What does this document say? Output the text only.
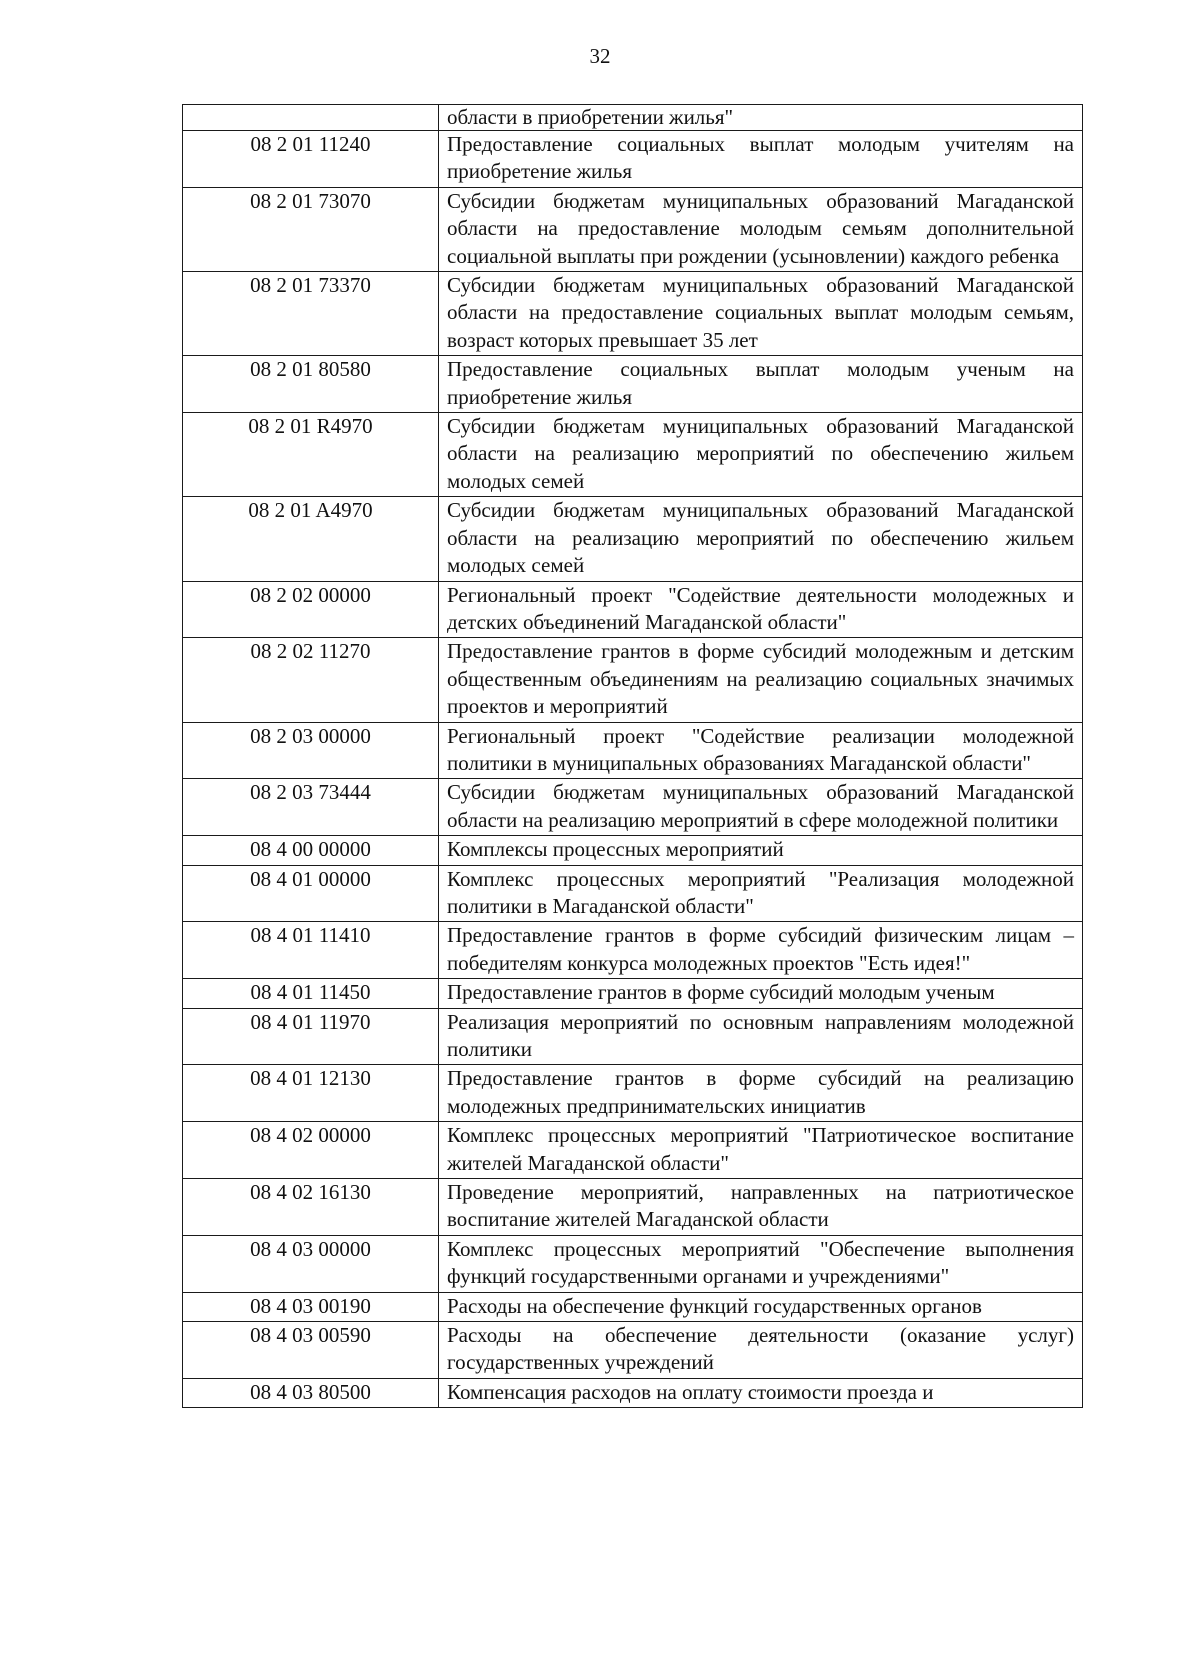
32
	области в приобретении жилья"
08 2 01 11240	Предоставление социальных выплат молодым учителям на приобретение жилья
08 2 01 73070	Субсидии бюджетам муниципальных образований Магаданской области на предоставление молодым семьям дополнительной социальной выплаты при рождении (усыновлении) каждого ребенка
08 2 01 73370	Субсидии бюджетам муниципальных образований Магаданской области на предоставление социальных выплат молодым семьям, возраст которых превышает 35 лет
08 2 01 80580	Предоставление социальных выплат молодым ученым на приобретение жилья
08 2 01 R4970	Субсидии бюджетам муниципальных образований Магаданской области на реализацию мероприятий по обеспечению жильем молодых семей
08 2 01 A4970	Субсидии бюджетам муниципальных образований Магаданской области на реализацию мероприятий по обеспечению жильем молодых семей
08 2 02 00000	Региональный проект "Содействие деятельности молодежных и детских объединений Магаданской области"
08 2 02 11270	Предоставление грантов в форме субсидий молодежным и детским общественным объединениям на реализацию социальных значимых проектов и мероприятий
08 2 03 00000	Региональный проект "Содействие реализации молодежной политики в муниципальных образованиях Магаданской области"
08 2 03 73444	Субсидии бюджетам муниципальных образований Магаданской области на реализацию мероприятий в сфере молодежной политики
08 4 00 00000	Комплексы процессных мероприятий
08 4 01 00000	Комплекс процессных мероприятий "Реализация молодежной политики в Магаданской области"
08 4 01 11410	Предоставление грантов в форме субсидий физическим лицам – победителям конкурса молодежных проектов "Есть идея!"
08 4 01 11450	Предоставление грантов в форме субсидий молодым ученым
08 4 01 11970	Реализация мероприятий по основным направлениям молодежной политики
08 4 01 12130	Предоставление грантов в форме субсидий на реализацию молодежных предпринимательских инициатив
08 4 02 00000	Комплекс процессных мероприятий "Патриотическое воспитание жителей Магаданской области"
08 4 02 16130	Проведение мероприятий, направленных на патриотическое воспитание жителей Магаданской области
08 4 03 00000	Комплекс процессных мероприятий "Обеспечение выполнения функций государственными органами и учреждениями"
08 4 03 00190	Расходы на обеспечение функций государственных органов
08 4 03 00590	Расходы на обеспечение деятельности (оказание услуг) государственных учреждений
08 4 03 80500	Компенсация расходов на оплату стоимости проезда и
